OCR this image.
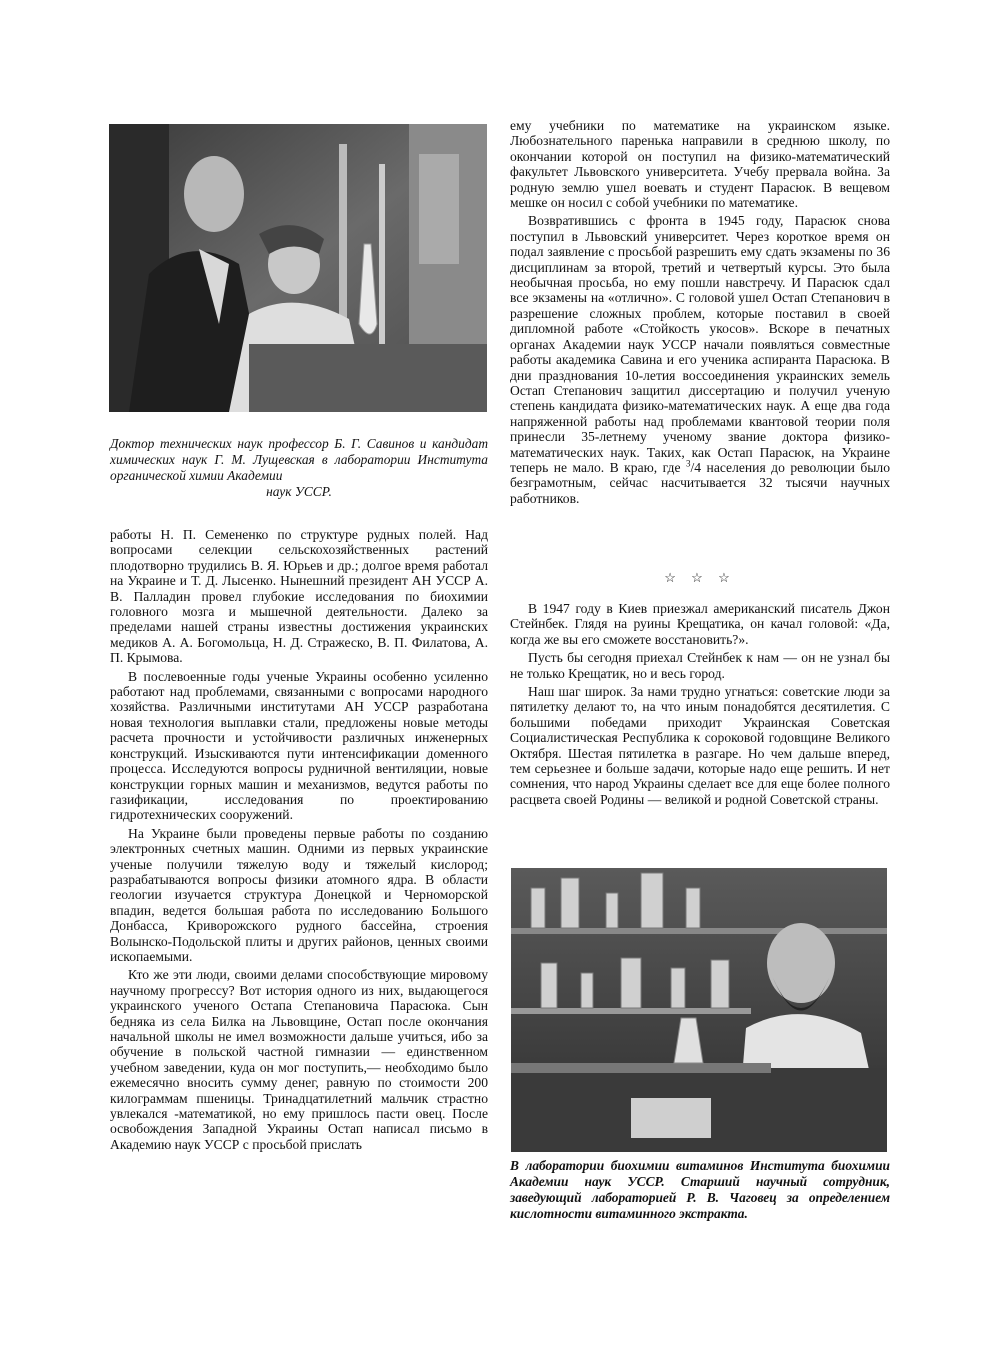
Доктор технических наук профессор Б. Г. Савинов и кандидат химических наук Г. М. Лущевская в лаборатории Института органической химии Академии
наук УССР.

работы Н. П. Семененко по структуре рудных полей. Над вопросами селекции сельскохозяйственных растений плодотворно трудились В. Я. Юрьев и др.; долгое время работал на Украине и Т. Д. Лысенко. Нынешний президент АН УССР А. В. Палладин провел глубокие исследования по биохимии головного мозга и мышечной деятельности. Далеко за пределами нашей страны известны достижения украинских медиков А. А. Богомольца, Н. Д. Стражеско, В. П. Филатова, А. П. Крымова.

В послевоенные годы ученые Украины особенно усиленно работают над проблемами, связанными с вопросами народного хозяйства. Различными институтами АН УССР разработана новая технология выплавки стали, предложены новые методы расчета прочности и устойчивости различных инженерных конструкций. Изыскиваются пути интенсификации доменного процесса. Исследуются вопросы рудничной вентиляции, новые конструкции горных машин и механизмов, ведутся работы по газификации, исследования по проектированию гидротехнических сооружений.

На Украине были проведены первые работы по созданию электронных счетных машин. Одними из первых украинские ученые получили тяжелую воду и тяжелый кислород; разрабатываются вопросы физики атомного ядра. В области геологии изучается структура Донецкой и Черноморской впадин, ведется большая работа по исследованию Большого Донбасса, Криворожского рудного бассейна, строения Волынско-Подольской плиты и других районов, ценных своими ископаемыми.

Кто же эти люди, своими делами способствующие мировому научному прогрессу? Вот история одного из них, выдающегося украинского ученого Остапа Степановича Парасюка. Сын бедняка из села Билка на Львовщине, Остап после окончания начальной школы не имел возможности дальше учиться, ибо за обучение в польской частной гимназии — единственном учебном заведении, куда он мог поступить,— необходимо было ежемесячно вносить сумму денег, равную по стоимости 200 килограммам пшеницы. Тринадцатилетний мальчик страстно увлекался -математикой, но ему пришлось пасти овец. После освобождения Западной Украины Остап написал письмо в Академию наук УССР с просьбой прислать

ему учебники по математике на украинском языке. Любознательного паренька направили в среднюю школу, по окончании которой он поступил на физико-математический факультет Львовского университета. Учебу прервала война. За родную землю ушел воевать и студент Парасюк. В вещевом мешке он носил с собой учебники по математике.

Возвратившись с фронта в 1945 году, Парасюк снова поступил в Львовский университет. Через короткое время он подал заявление с просьбой разрешить ему сдать экзамены по 36 дисциплинам за второй, третий и четвертый курсы. Это была необычная просьба, но ему пошли навстречу. И Парасюк сдал все экзамены на «отлично». С головой ушел Остап Степанович в разрешение сложных проблем, которые поставил в своей дипломной работе «Стойкость укосов». Вскоре в печатных органах Академии наук УССР начали появляться совместные работы академика Савина и его ученика аспиранта Парасюка. В дни празднования 10-летия воссоединения украинских земель Остап Степанович защитил диссертацию и получил ученую степень кандидата физико-математических наук. А еще два года напряженной работы над проблемами квантовой теории поля принесли 35-летнему ученому звание доктора физико-математических наук. Таких, как Остап Парасюк, на Украине теперь не мало. В краю, где $^3$/4 населения до революции было безграмотным, сейчас насчитывается 32 тысячи научных работников.

☆ ☆ ☆

В 1947 году в Киев приезжал американский писатель Джон Стейнбек. Глядя на руины Крещатика, он качал головой: «Да, когда же вы его сможете восстановить?».

Пусть бы сегодня приехал Стейнбек к нам — он не узнал бы не только Крещатик, но и весь город.

Наш шаг широк. За нами трудно угнаться: советские люди за пятилетку делают то, на что иным понадобятся десятилетия. С большими победами приходит Украинская Советская Социалистическая Республика к сороковой годовщине Великого Октября. Шестая пятилетка в разгаре. Но чем дальше вперед, тем серьезнее и больше задачи, которые надо еще решить. И нет сомнения, что народ Украины сделает все для еще более полного расцвета своей Родины — великой и родной Советской страны.

В лаборатории биохимии витаминов Института биохимии Академии наук УССР. Старший научный сотрудник, заведующий лабораторией Р. В. Чаговец за определением кислотности витаминного экстракта.
